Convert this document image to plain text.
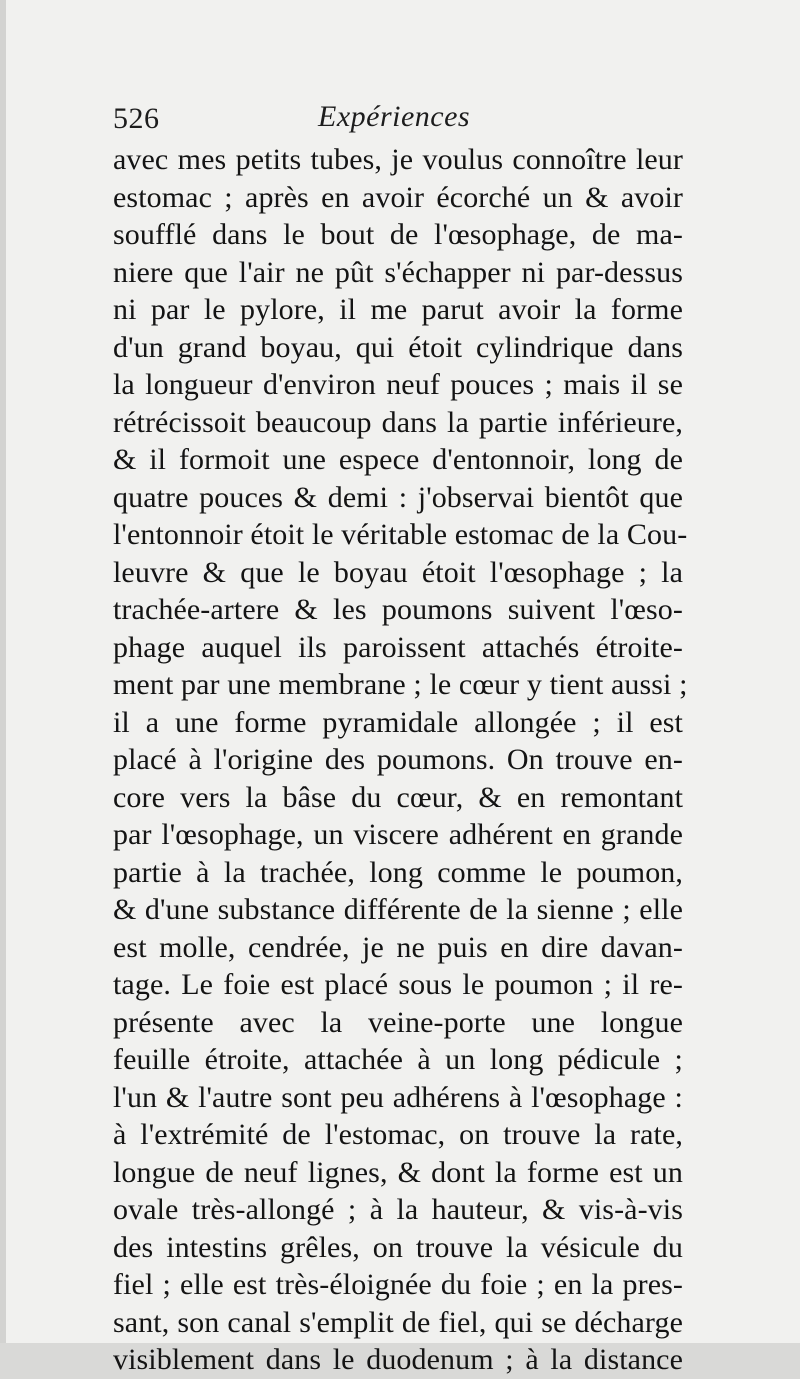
526	Expériences
avec mes petits tubes, je voulus connoître leur
estomac ; après en avoir écorché un & avoir
soufflé dans le bout de l'œsophage, de ma-
niere que l'air ne pût s'échapper ni par-dessus
ni par le pylore, il me parut avoir la forme
d'un grand boyau, qui étoit cylindrique dans
la longueur d'environ neuf pouces ; mais il se
rétrécissoit beaucoup dans la partie inférieure,
& il formoit une espece d'entonnoir, long de
quatre pouces & demi : j'observai bientôt que
l'entonnoir étoit le véritable estomac de la Cou-
leuvre & que le boyau étoit l'œsophage ; la
trachée-artere & les poumons suivent l'œso-
phage auquel ils paroissent attachés étroite-
ment par une membrane ; le cœur y tient aussi ;
il a une forme pyramidale allongée ; il est
placé à l'origine des poumons. On trouve en-
core vers la bâse du cœur, & en remontant
par l'œsophage, un viscere adhérent en grande
partie à la trachée, long comme le poumon,
& d'une substance différente de la sienne ; elle
est molle, cendrée, je ne puis en dire davan-
tage. Le foie est placé sous le poumon ; il re-
présente avec la veine-porte une longue
feuille étroite, attachée à un long pédicule ;
l'un & l'autre sont peu adhérens à l'œsophage :
à l'extrémité de l'estomac, on trouve la rate,
longue de neuf lignes, & dont la forme est un
ovale très-allongé ; à la hauteur, & vis-à-vis
des intestins grêles, on trouve la vésicule du
fiel ; elle est très-éloignée du foie ; en la pres-
sant, son canal s'emplit de fiel, qui se décharge
visiblement dans le duodenum ; à la distance
